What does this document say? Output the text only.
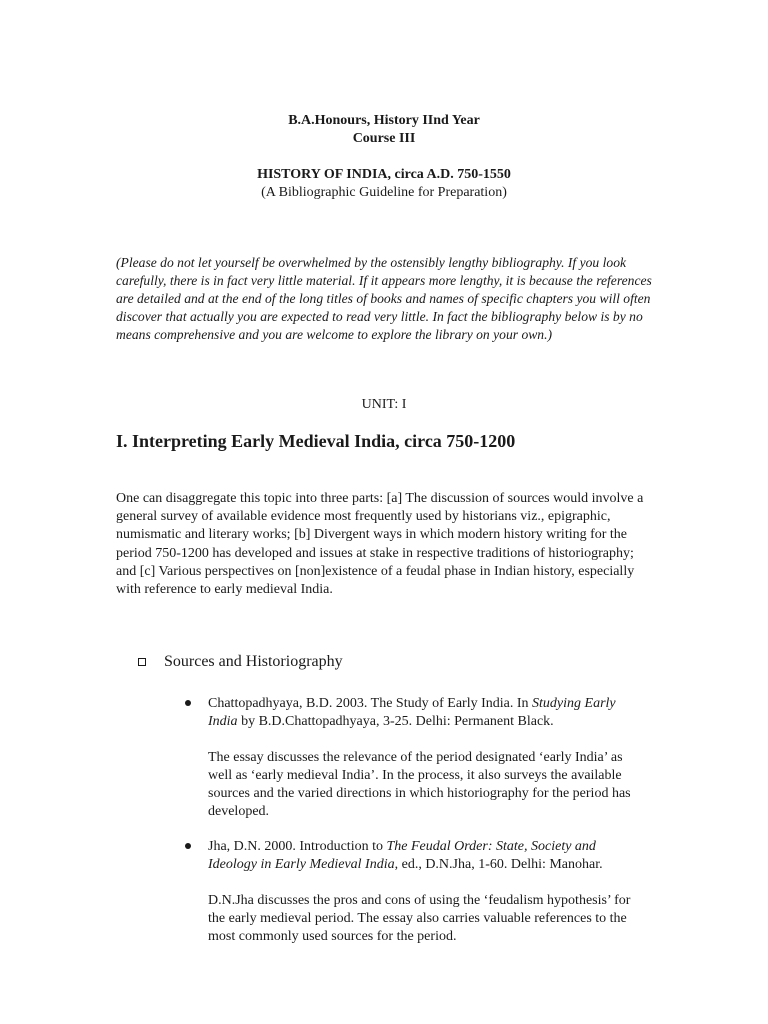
B.A.Honours, History IInd Year
Course III
HISTORY OF INDIA, circa A.D. 750-1550
(A Bibliographic Guideline for Preparation)

(Please do not let yourself be overwhelmed by the ostensibly lengthy bibliography. If you look carefully, there is in fact very little material. If it appears more lengthy, it is because the references are detailed and at the end of the long titles of books and names of specific chapters you will often discover that actually you are expected to read very little. In fact the bibliography below is by no means comprehensive and you are welcome to explore the library on your own.)

UNIT: I
I. Interpreting Early Medieval India, circa 750-1200

One can disaggregate this topic into three parts: [a] The discussion of sources would involve a general survey of available evidence most frequently used by historians viz., epigraphic, numismatic and literary works; [b] Divergent ways in which modern history writing for the period 750-1200 has developed and issues at stake in respective traditions of historiography; and [c] Various perspectives on [non]existence of a feudal phase in Indian history, especially with reference to early medieval India.

Sources and Historiography

Chattopadhyaya, B.D. 2003. The Study of Early India. In Studying Early India by B.D.Chattopadhyaya, 3-25. Delhi: Permanent Black.

The essay discusses the relevance of the period designated ‘early India’ as well as ‘early medieval India’. In the process, it also surveys the available sources and the varied directions in which historiography for the period has developed.

Jha, D.N. 2000. Introduction to The Feudal Order: State, Society and Ideology in Early Medieval India, ed., D.N.Jha, 1-60. Delhi: Manohar.

D.N.Jha discusses the pros and cons of using the ‘feudalism hypothesis’ for the early medieval period. The essay also carries valuable references to the most commonly used sources for the period.
